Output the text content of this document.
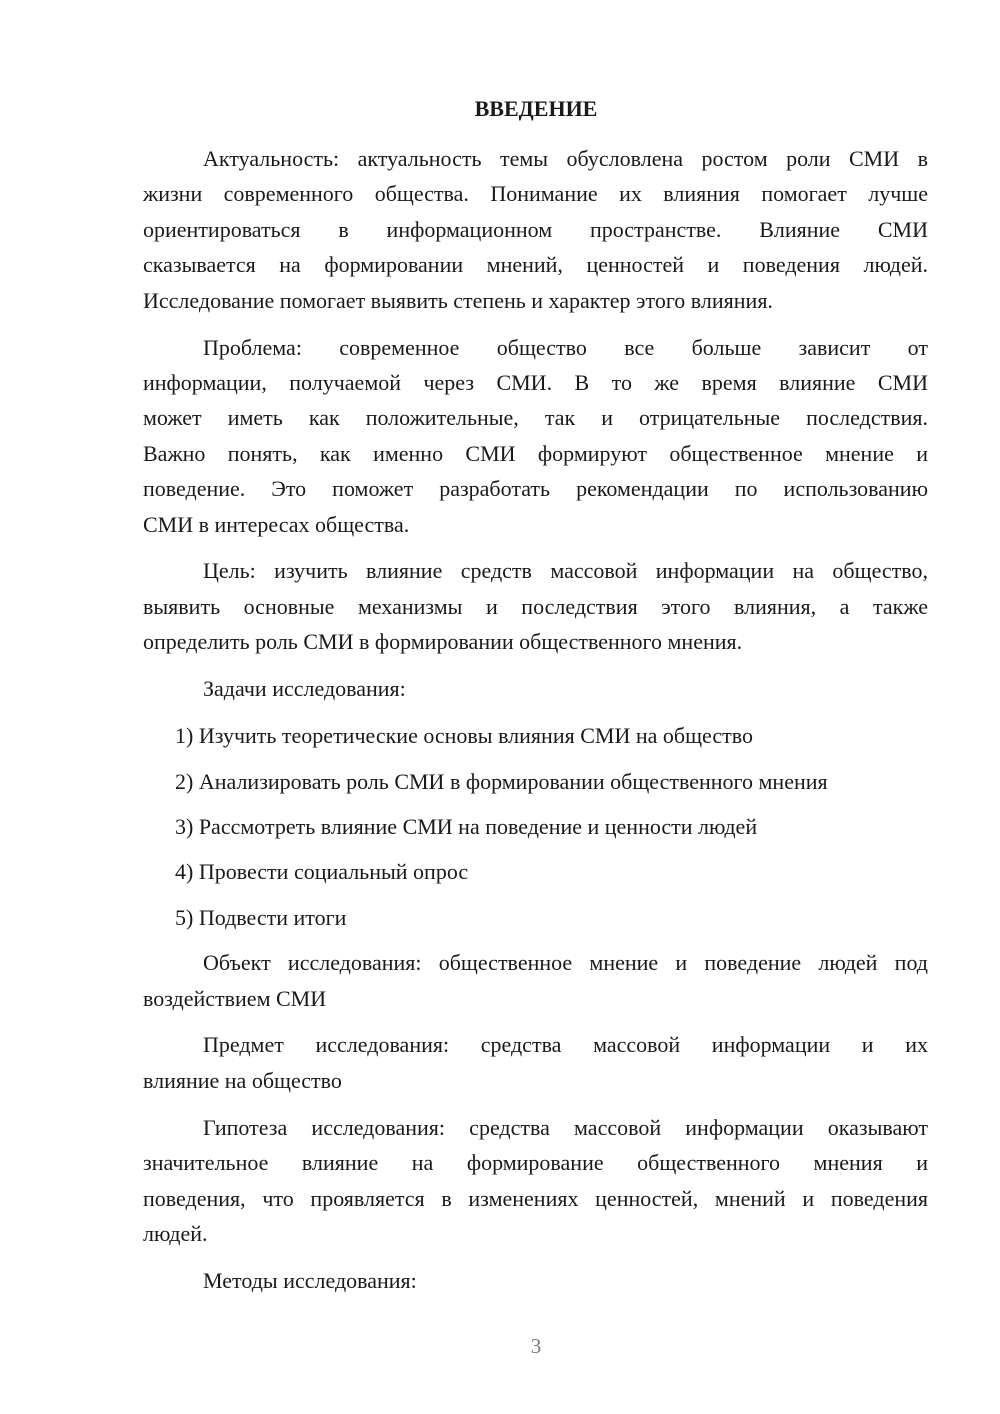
ВВЕДЕНИЕ
Актуальность: актуальность темы обусловлена ростом роли СМИ в
жизни современного общества. Понимание их влияния помогает лучше
ориентироваться в информационном пространстве. Влияние СМИ
сказывается на формировании мнений, ценностей и поведения людей.
Исследование помогает выявить степень и характер этого влияния.
Проблема: современное общество все больше зависит от
информации, получаемой через СМИ. В то же время влияние СМИ
может иметь как положительные, так и отрицательные последствия.
Важно понять, как именно СМИ формируют общественное мнение и
поведение. Это поможет разработать рекомендации по использованию
СМИ в интересах общества.
Цель: изучить влияние средств массовой информации на общество,
выявить основные механизмы и последствия этого влияния, а также
определить роль СМИ в формировании общественного мнения.
Задачи исследования:
1) Изучить теоретические основы влияния СМИ на общество
2) Анализировать роль СМИ в формировании общественного мнения
3) Рассмотреть влияние СМИ на поведение и ценности людей
4) Провести социальный опрос
5) Подвести итоги
Объект исследования: общественное мнение и поведение людей под
воздействием СМИ
Предмет исследования: средства массовой информации и их
влияние на общество
Гипотеза исследования: средства массовой информации оказывают
значительное влияние на формирование общественного мнения и
поведения, что проявляется в изменениях ценностей, мнений и поведения
людей.
Методы исследования:
3
